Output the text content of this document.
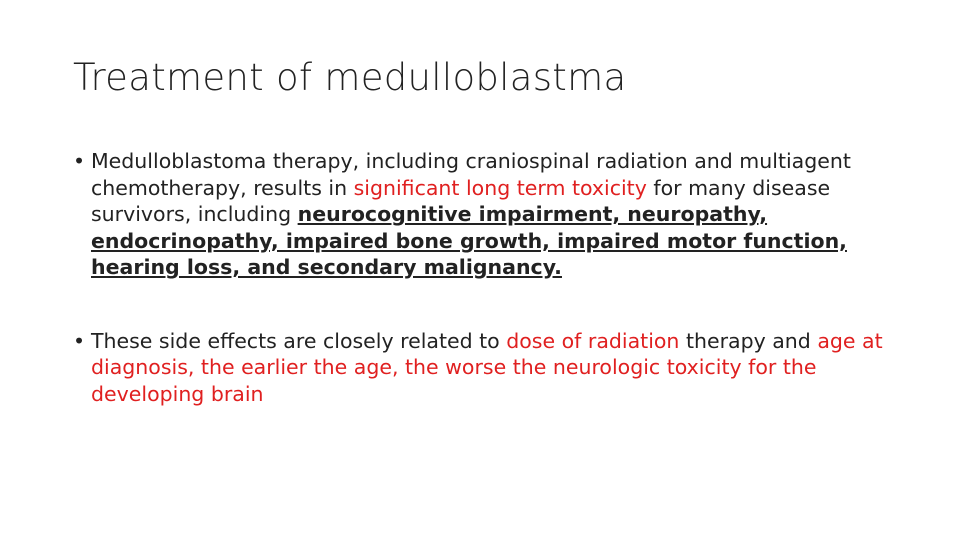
Treatment of medulloblastma
• Medulloblastoma therapy, including craniospinal radiation and multiagent chemotherapy, results in significant long term toxicity for many disease survivors, including neurocognitive impairment, neuropathy, endocrinopathy, impaired bone growth, impaired motor function, hearing loss, and secondary malignancy.
• These side effects are closely related to dose of radiation therapy and age at diagnosis, the earlier the age, the worse the neurologic toxicity for the developing brain
